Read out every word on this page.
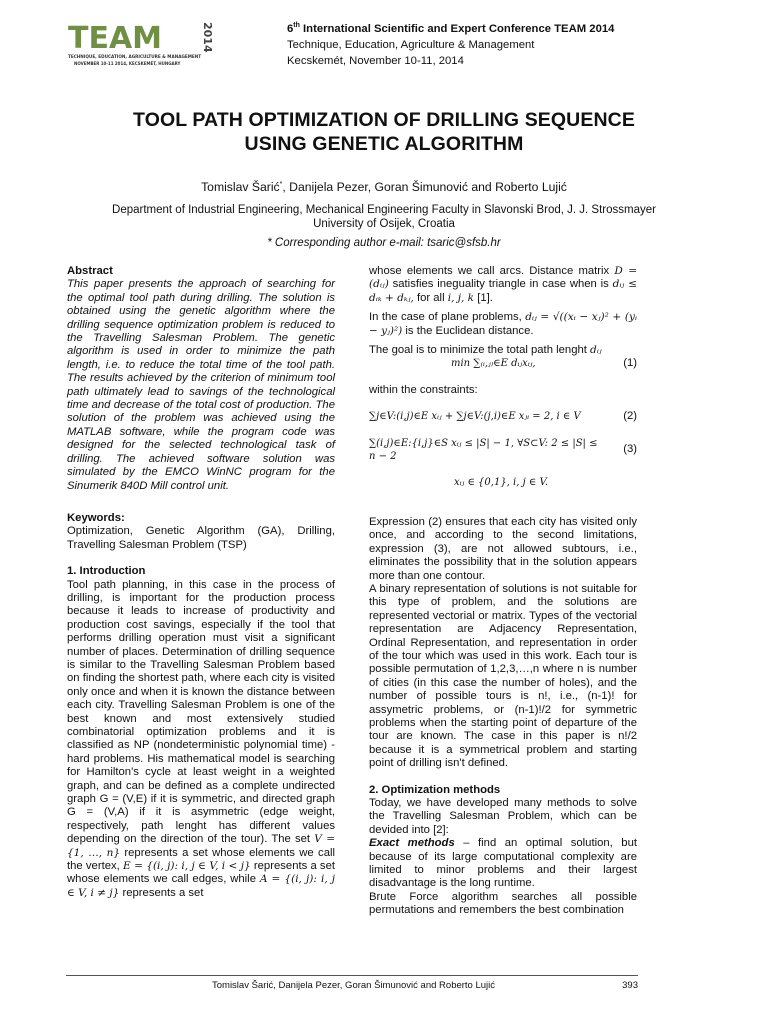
TEAM	2014
TECHNIQUE, EDUCATION, AGRICULTURE & MANAGEMENT
NOVEMBER 10-11 2014, KECSKEMÉT, HUNGARY
6th International Scientific and Expert Conference TEAM 2014
Technique, Education, Agriculture & Management
Kecskemét, November 10-11, 2014
TOOL PATH OPTIMIZATION OF DRILLING SEQUENCE
USING GENETIC ALGORITHM
Tomislav Šarić*, Danijela Pezer, Goran Šimunović and Roberto Lujić
Department of Industrial Engineering, Mechanical Engineering Faculty in Slavonski Brod, J. J. Strossmayer
University of Osijek, Croatia
* Corresponding author e-mail: tsaric@sfsb.hr

Abstract

This paper presents the approach of searching for the optimal tool path during drilling. The solution is obtained using the genetic algorithm where the drilling sequence optimization problem is reduced to the Travelling Salesman Problem. The genetic algorithm is used in order to minimize the path length, i.e. to reduce the total time of the tool path. The results achieved by the criterion of minimum tool path ultimately lead to savings of the technological time and decrease of the total cost of production. The solution of the problem was achieved using the MATLAB software, while the program code was designed for the selected technological task of drilling. The achieved software solution was simulated by the EMCO WinNC program for the Sinumerik 840D Mill control unit.

Keywords:

Optimization, Genetic Algorithm (GA), Drilling, Travelling Salesman Problem (TSP)

1. Introduction

Tool path planning, in this case in the process of drilling, is important for the production process because it leads to increase of productivity and production cost savings, especially if the tool that performs drilling operation must visit a significant number of places. Determination of drilling sequence is similar to the Travelling Salesman Problem based on finding the shortest path, where each city is visited only once and when it is known the distance between each city. Travelling Salesman Problem is one of the best known and most extensively studied combinatorial optimization problems and it is classified as NP (nondeterministic polynomial time) - hard problems. His mathematical model is searching for Hamilton's cycle at least weight in a weighted graph, and can be defined as a complete undirected graph G = (V,E) if it is symmetric, and directed graph G = (V,A) if it is asymmetric (edge weight, respectively, path lenght has different values depending on the direction of the tour). The set V = {1, …, n} represents a set whose elements we call the vertex, E = {(i, j): i, j ∈ V, i < j} represents a set whose elements we call edges, while A = {(i, j): i, j ∈ V, i ≠ j} represents a set

whose elements we call arcs. Distance matrix D = (dᵢⱼ) satisfies ineguality triangle in case when is dᵢⱼ ≤ dᵢₖ + dₖⱼ, for all i, j, k [1].

In the case of plane problems, dᵢⱼ = √((xᵢ − xⱼ)² + (yᵢ − yⱼ)²) is the Euclidean distance.

The goal is to minimize the total path lenght dᵢⱼ

min ∑₍ᵢ,ⱼ₎∈E dᵢⱼxᵢⱼ,	(1)

within the constraints:

∑j∈V:(i,j)∈E xᵢⱼ + ∑j∈V:(j,i)∈E xⱼᵢ = 2, i ∈ V	(2)
∑(i,j)∈E:{i,j}∈S xᵢⱼ ≤ |S| − 1, ∀S⊂V: 2 ≤ |S| ≤ n − 2
(3)
xᵢⱼ ∈ {0,1}, i, j ∈ V.

Expression (2) ensures that each city has visited only once, and according to the second limitations, expression (3), are not allowed subtours, i.e., eliminates the possibility that in the solution appears more than one contour.

A binary representation of solutions is not suitable for this type of problem, and the solutions are represented vectorial or matrix. Types of the vectorial representation are Adjacency Representation, Ordinal Representation, and representation in order of the tour which was used in this work. Each tour is possible permutation of 1,2,3,…,n where n is number of cities (in this case the number of holes), and the number of possible tours is n!, i.e., (n-1)! for assymetric problems, or (n-1)!/2 for symmetric problems when the starting point of departure of the tour are known. The case in this paper is n!/2 because it is a symmetrical problem and starting point of drilling isn't defined.

2. Optimization methods

Today, we have developed many methods to solve the Travelling Salesman Problem, which can be devided into [2]:

Exact methods – find an optimal solution, but because of its large computational complexity are limited to minor problems and their largest disadvantage is the long runtime.

Brute Force algorithm searches all possible permutations and remembers the best combination

Tomislav Šarić, Danijela Pezer, Goran Šimunović and Roberto Lujić	393
